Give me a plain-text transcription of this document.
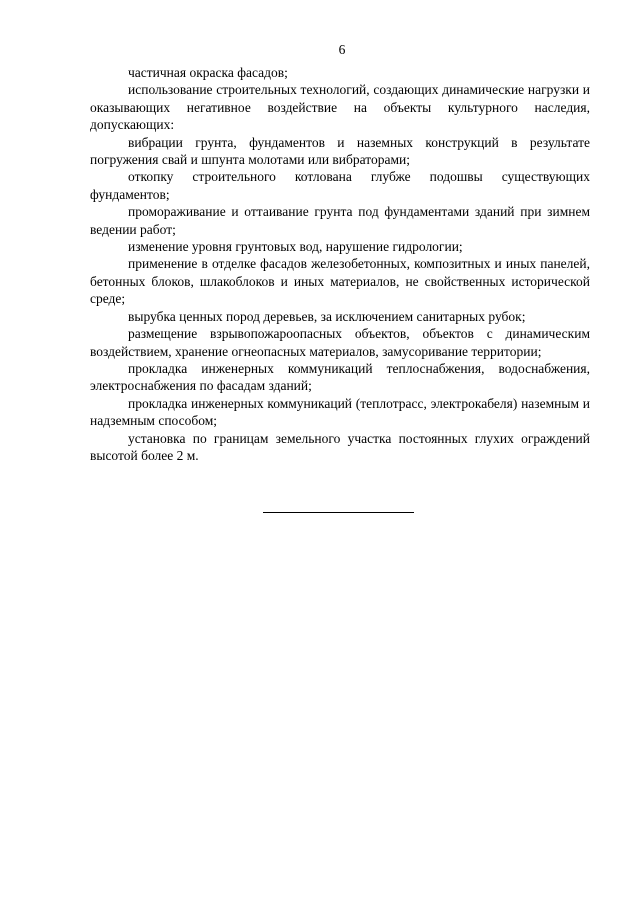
6

частичная окраска фасадов;

использование строительных технологий, создающих динамические нагрузки и оказывающих негативное воздействие на объекты культурного наследия, допускающих:

вибрации грунта, фундаментов и наземных конструкций в результате погружения свай и шпунта молотами или вибраторами;

откопку строительного котлована глубже подошвы существующих фундаментов;

промораживание и оттаивание грунта под фундаментами зданий при зимнем ведении работ;

изменение уровня грунтовых вод, нарушение гидрологии;

применение в отделке фасадов железобетонных, композитных и иных панелей, бетонных блоков, шлакоблоков и иных материалов, не свойственных исторической среде;

вырубка ценных пород деревьев, за исключением санитарных рубок;

размещение взрывопожароопасных объектов, объектов с динамическим воздействием, хранение огнеопасных материалов, замусоривание территории;

прокладка инженерных коммуникаций теплоснабжения, водоснабжения, электроснабжения по фасадам зданий;

прокладка инженерных коммуникаций (теплотрасс, электрокабеля) наземным и надземным способом;

установка по границам земельного участка постоянных глухих ограждений высотой более 2 м.
